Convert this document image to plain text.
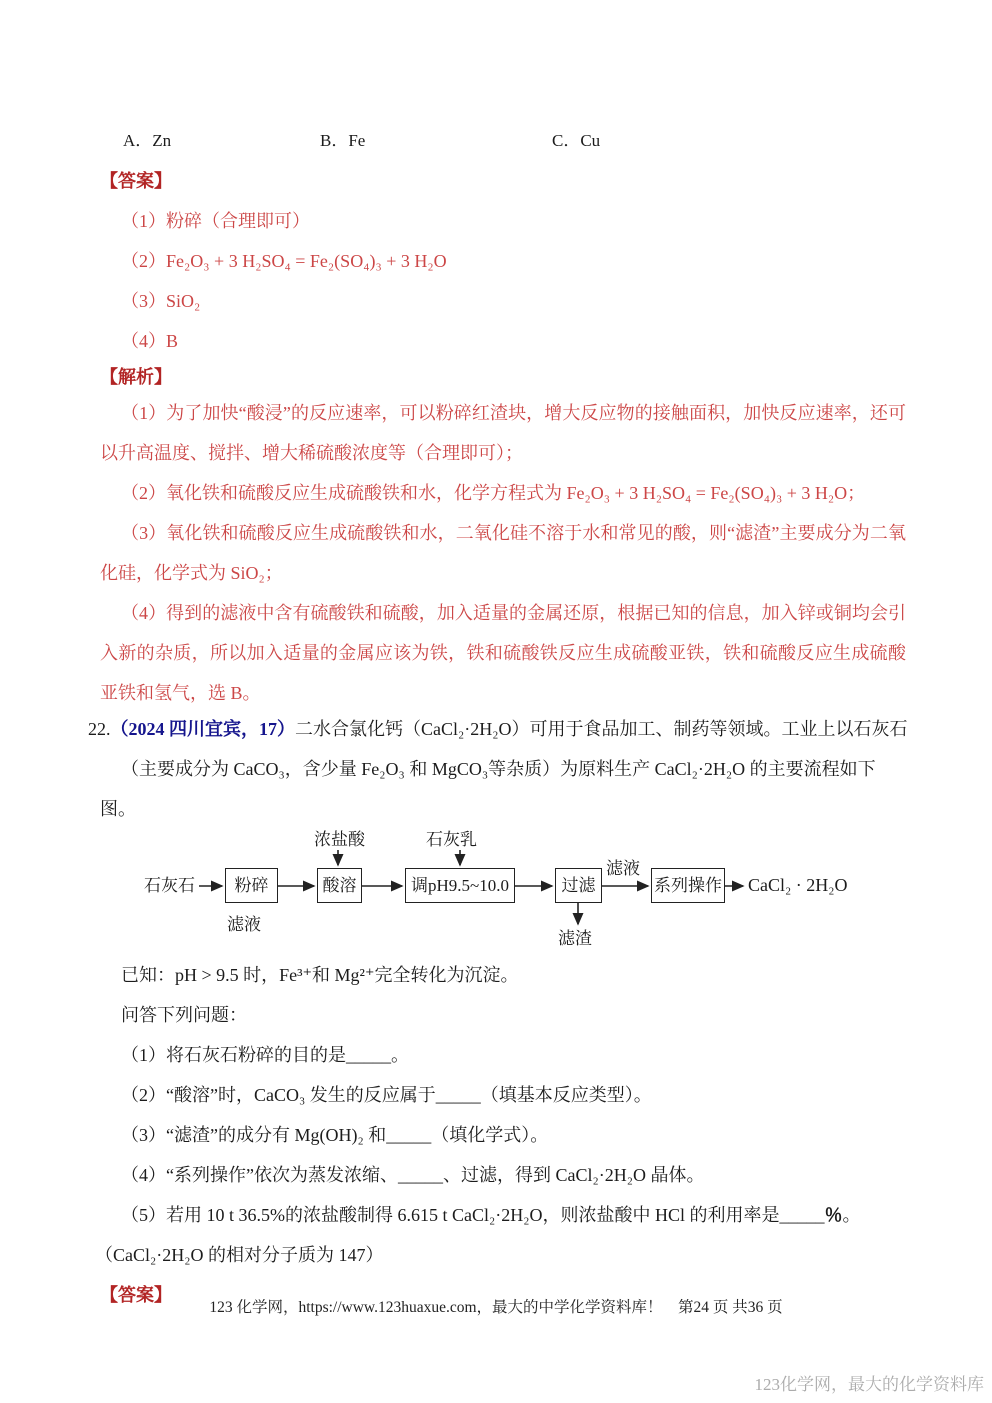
A．Zn	B．Fe	C．Cu

【答案】

（1）粉碎（合理即可）

（2）Fe₂O₃ + 3 H₂SO₄ = Fe₂(SO₄)₃ + 3 H₂O

（3）SiO₂

（4）B

【解析】

（1）为了加快“酸浸”的反应速率，可以粉碎红渣块，增大反应物的接触面积，加快反应速率，还可以升高温度、搅拌、增大稀硫酸浓度等（合理即可）；

（2）氧化铁和硫酸反应生成硫酸铁和水，化学方程式为 Fe₂O₃ + 3 H₂SO₄ = Fe₂(SO₄)₃ + 3 H₂O；

（3）氧化铁和硫酸反应生成硫酸铁和水，二氧化硅不溶于水和常见的酸，则“滤渣”主要成分为二氧化硅，化学式为 SiO₂；

（4）得到的滤液中含有硫酸铁和硫酸，加入适量的金属还原，根据已知的信息，加入锌或铜均会引入新的杂质，所以加入适量的金属应该为铁，铁和硫酸铁反应生成硫酸亚铁，铁和硫酸反应生成硫酸亚铁和氢气，选 B。

22.（2024 四川宜宾，17）二水合氯化钙（CaCl₂·2H₂O）可用于食品加工、制药等领域。工业上以石灰石

（主要成分为 CaCO₃，含少量 Fe₂O₃ 和 MgCO₃等杂质）为原料生产 CaCl₂·2H₂O 的主要流程如下图。

浓盐酸	石灰乳
石灰石	粉碎	酸溶	调pH9.5~10.0	过滤	系列操作
滤液
滤液
滤渣
CaCl₂ · 2H₂O

已知：pH > 9.5 时，Fe³⁺和 Mg²⁺完全转化为沉淀。

问答下列问题：

（1）将石灰石粉碎的目的是_____。

（2）“酸溶”时，CaCO₃ 发生的反应属于_____（填基本反应类型）。

（3）“滤渣”的成分有 Mg(OH)₂ 和_____（填化学式）。

（4）“系列操作”依次为蒸发浓缩、_____、过滤，得到 CaCl₂·2H₂O 晶体。

（5）若用 10 t 36.5%的浓盐酸制得 6.615 t CaCl₂·2H₂O，则浓盐酸中 HCl 的利用率是_____％。

（CaCl₂·2H₂O 的相对分子质为 147）

【答案】

123 化学网，https://www.123huaxue.com，最大的中学化学资料库！　第24 页 共36 页
123化学网，最大的化学资料库
